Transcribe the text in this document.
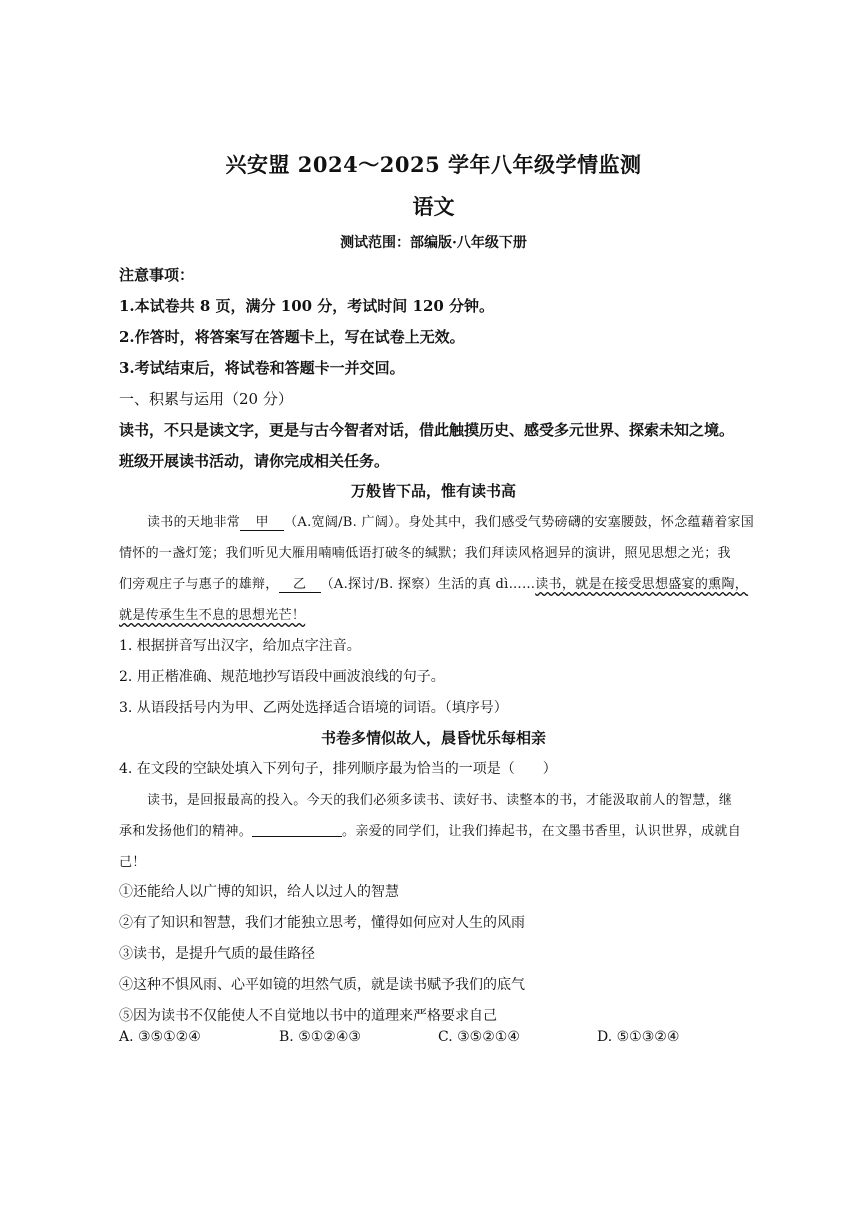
兴安盟 2024～2025 学年八年级学情监测
语文
测试范围：部编版·八年级下册
注意事项：
1.本试卷共 8 页，满分 100 分，考试时间 120 分钟。
2.作答时，将答案写在答题卡上，写在试卷上无效。
3.考试结束后，将试卷和答题卡一并交回。
一、积累与运用（20 分）
读书，不只是读文字，更是与古今智者对话，借此触摸历史、感受多元世界、探索未知之境。
班级开展读书活动，请你完成相关任务。
万般皆下品，惟有读书高
读书的天地非常 甲 （A.宽阔/B. 广阔）。身处其中，我们感受气势磅礴的安塞腰鼓，怀念蕴藉着家国
情怀的一盏灯笼；我们听见大雁用喃喃低语打破冬的缄默；我们拜读风格迥异的演讲，照见思想之光；我
们旁观庄子与惠子的雄辩， 乙 （A.探讨/B. 探察）生活的真 dì……读书，就是在接受思想盛宴的熏陶，
就是传承生生不息的思想光芒！
1. 根据拼音写出汉字，给加点字注音。
2. 用正楷准确、规范地抄写语段中画波浪线的句子。
3. 从语段括号内为甲、乙两处选择适合语境的词语。（填序号）
书卷多情似故人，晨昏忧乐每相亲
4. 在文段的空缺处填入下列句子，排列顺序最为恰当的一项是（　　）
读书，是回报最高的投入。今天的我们必须多读书、读好书、读整本的书，才能汲取前人的智慧，继
承和发扬他们的精神。	。亲爱的同学们，让我们捧起书，在文墨书香里，认识世界，成就自
己！
①还能给人以广博的知识，给人以过人的智慧
②有了知识和智慧，我们才能独立思考，懂得如何应对人生的风雨
③读书，是提升气质的最佳路径
④这种不惧风雨、心平如镜的坦然气质，就是读书赋予我们的底气
⑤因为读书不仅能使人不自觉地以书中的道理来严格要求自己
A. ③⑤①②④	B. ⑤①②④③	C. ③⑤②①④	D. ⑤①③②④
